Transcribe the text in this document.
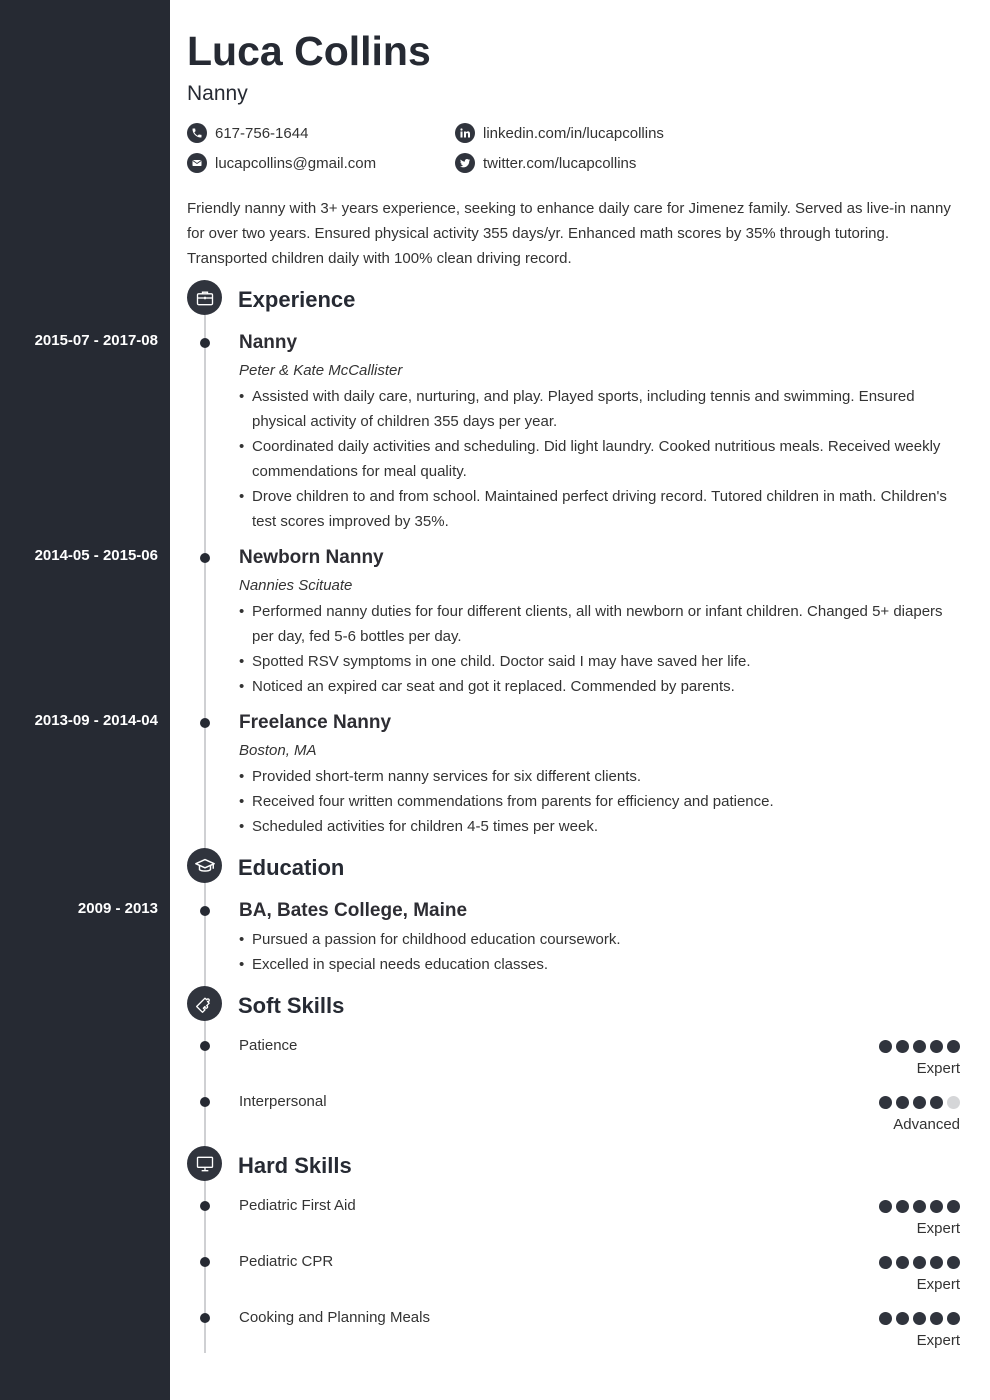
Luca Collins
Nanny
617-756-1644
lucapcollins@gmail.com
linkedin.com/in/lucapcollins
twitter.com/lucapcollins

Friendly nanny with 3+ years experience, seeking to enhance daily care for Jimenez family. Served as live-in nanny for over two years. Ensured physical activity 355 days/yr. Enhanced math scores by 35% through tutoring. Transported children daily with 100% clean driving record.

Experience
2015-07 - 2017-08	Nanny
Peter & Kate McCallister
• Assisted with daily care, nurturing, and play. Played sports, including tennis and swimming. Ensured physical activity of children 355 days per year.
• Coordinated daily activities and scheduling. Did light laundry. Cooked nutritious meals. Received weekly commendations for meal quality.
• Drove children to and from school. Maintained perfect driving record. Tutored children in math. Children's test scores improved by 35%.
2014-05 - 2015-06	Newborn Nanny
Nannies Scituate
• Performed nanny duties for four different clients, all with newborn or infant children. Changed 5+ diapers per day, fed 5-6 bottles per day.
• Spotted RSV symptoms in one child. Doctor said I may have saved her life.
• Noticed an expired car seat and got it replaced. Commended by parents.
2013-09 - 2014-04	Freelance Nanny
Boston, MA
• Provided short-term nanny services for six different clients.
• Received four written commendations from parents for efficiency and patience.
• Scheduled activities for children 4-5 times per week.
Education
2009 - 2013	BA, Bates College, Maine
• Pursued a passion for childhood education coursework.
• Excelled in special needs education classes.
Soft Skills
Patience
Expert
Interpersonal
Advanced
Hard Skills
Pediatric First Aid
Expert
Pediatric CPR
Expert
Cooking and Planning Meals
Expert
